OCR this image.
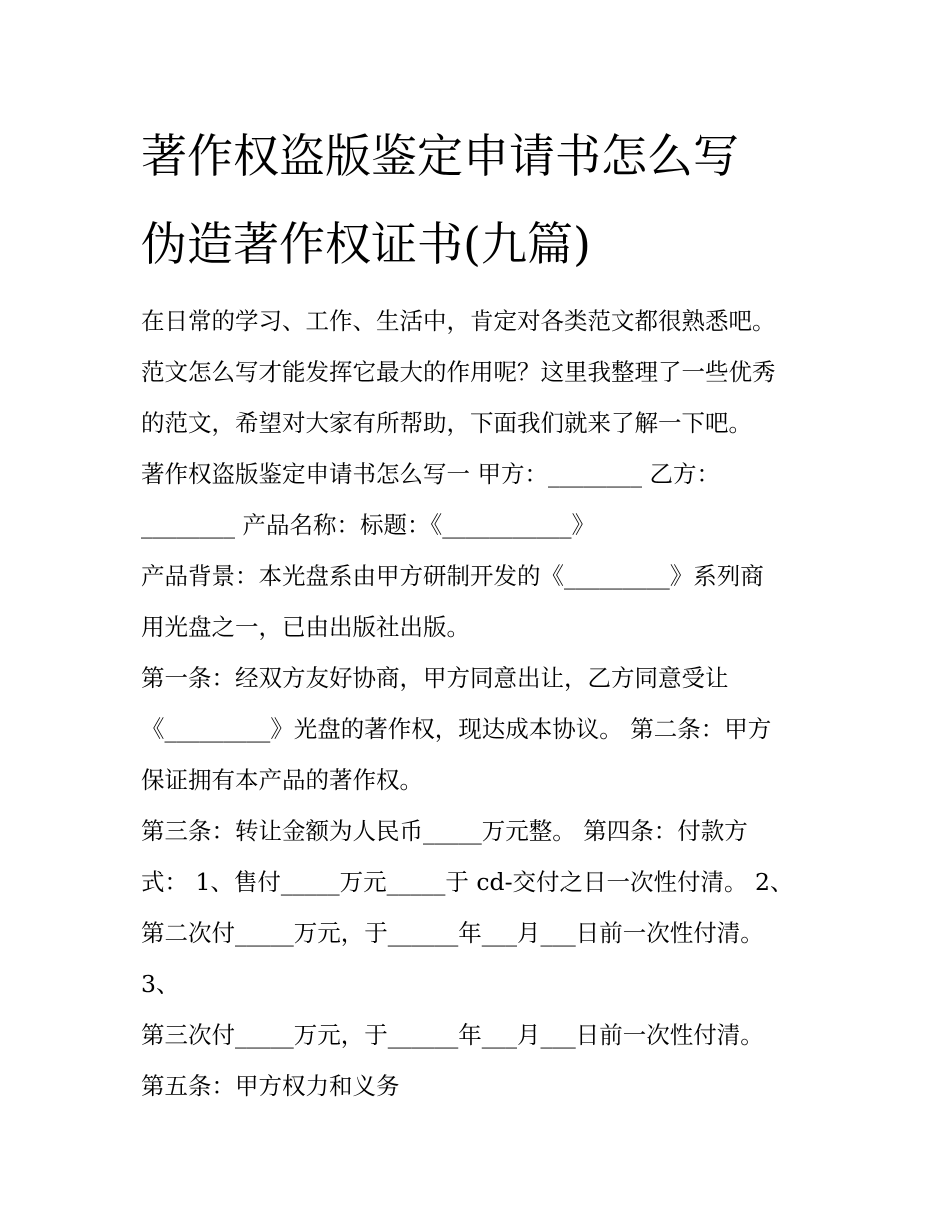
著作权盗版鉴定申请书怎么写
伪造著作权证书(九篇)
在日常的学习、工作、生活中，肯定对各类范文都很熟悉吧。
范文怎么写才能发挥它最大的作用呢？这里我整理了一些优秀
的范文，希望对大家有所帮助，下面我们就来了解一下吧。
著作权盗版鉴定申请书怎么写一 甲方：________ 乙方：
________ 产品名称：标题：《___________》
产品背景：本光盘系由甲方研制开发的《_________》系列商
用光盘之一，已由出版社出版。
第一条：经双方友好协商，甲方同意出让，乙方同意受让
《_________》光盘的著作权，现达成本协议。 第二条：甲方
保证拥有本产品的著作权。
第三条：转让金额为人民币_____万元整。 第四条：付款方
式： 1、售付_____万元_____于 cd-交付之日一次性付清。 2、
第二次付_____万元，于______年___月___日前一次性付清。
3、
第三次付_____万元，于______年___月___日前一次性付清。
第五条：甲方权力和义务
